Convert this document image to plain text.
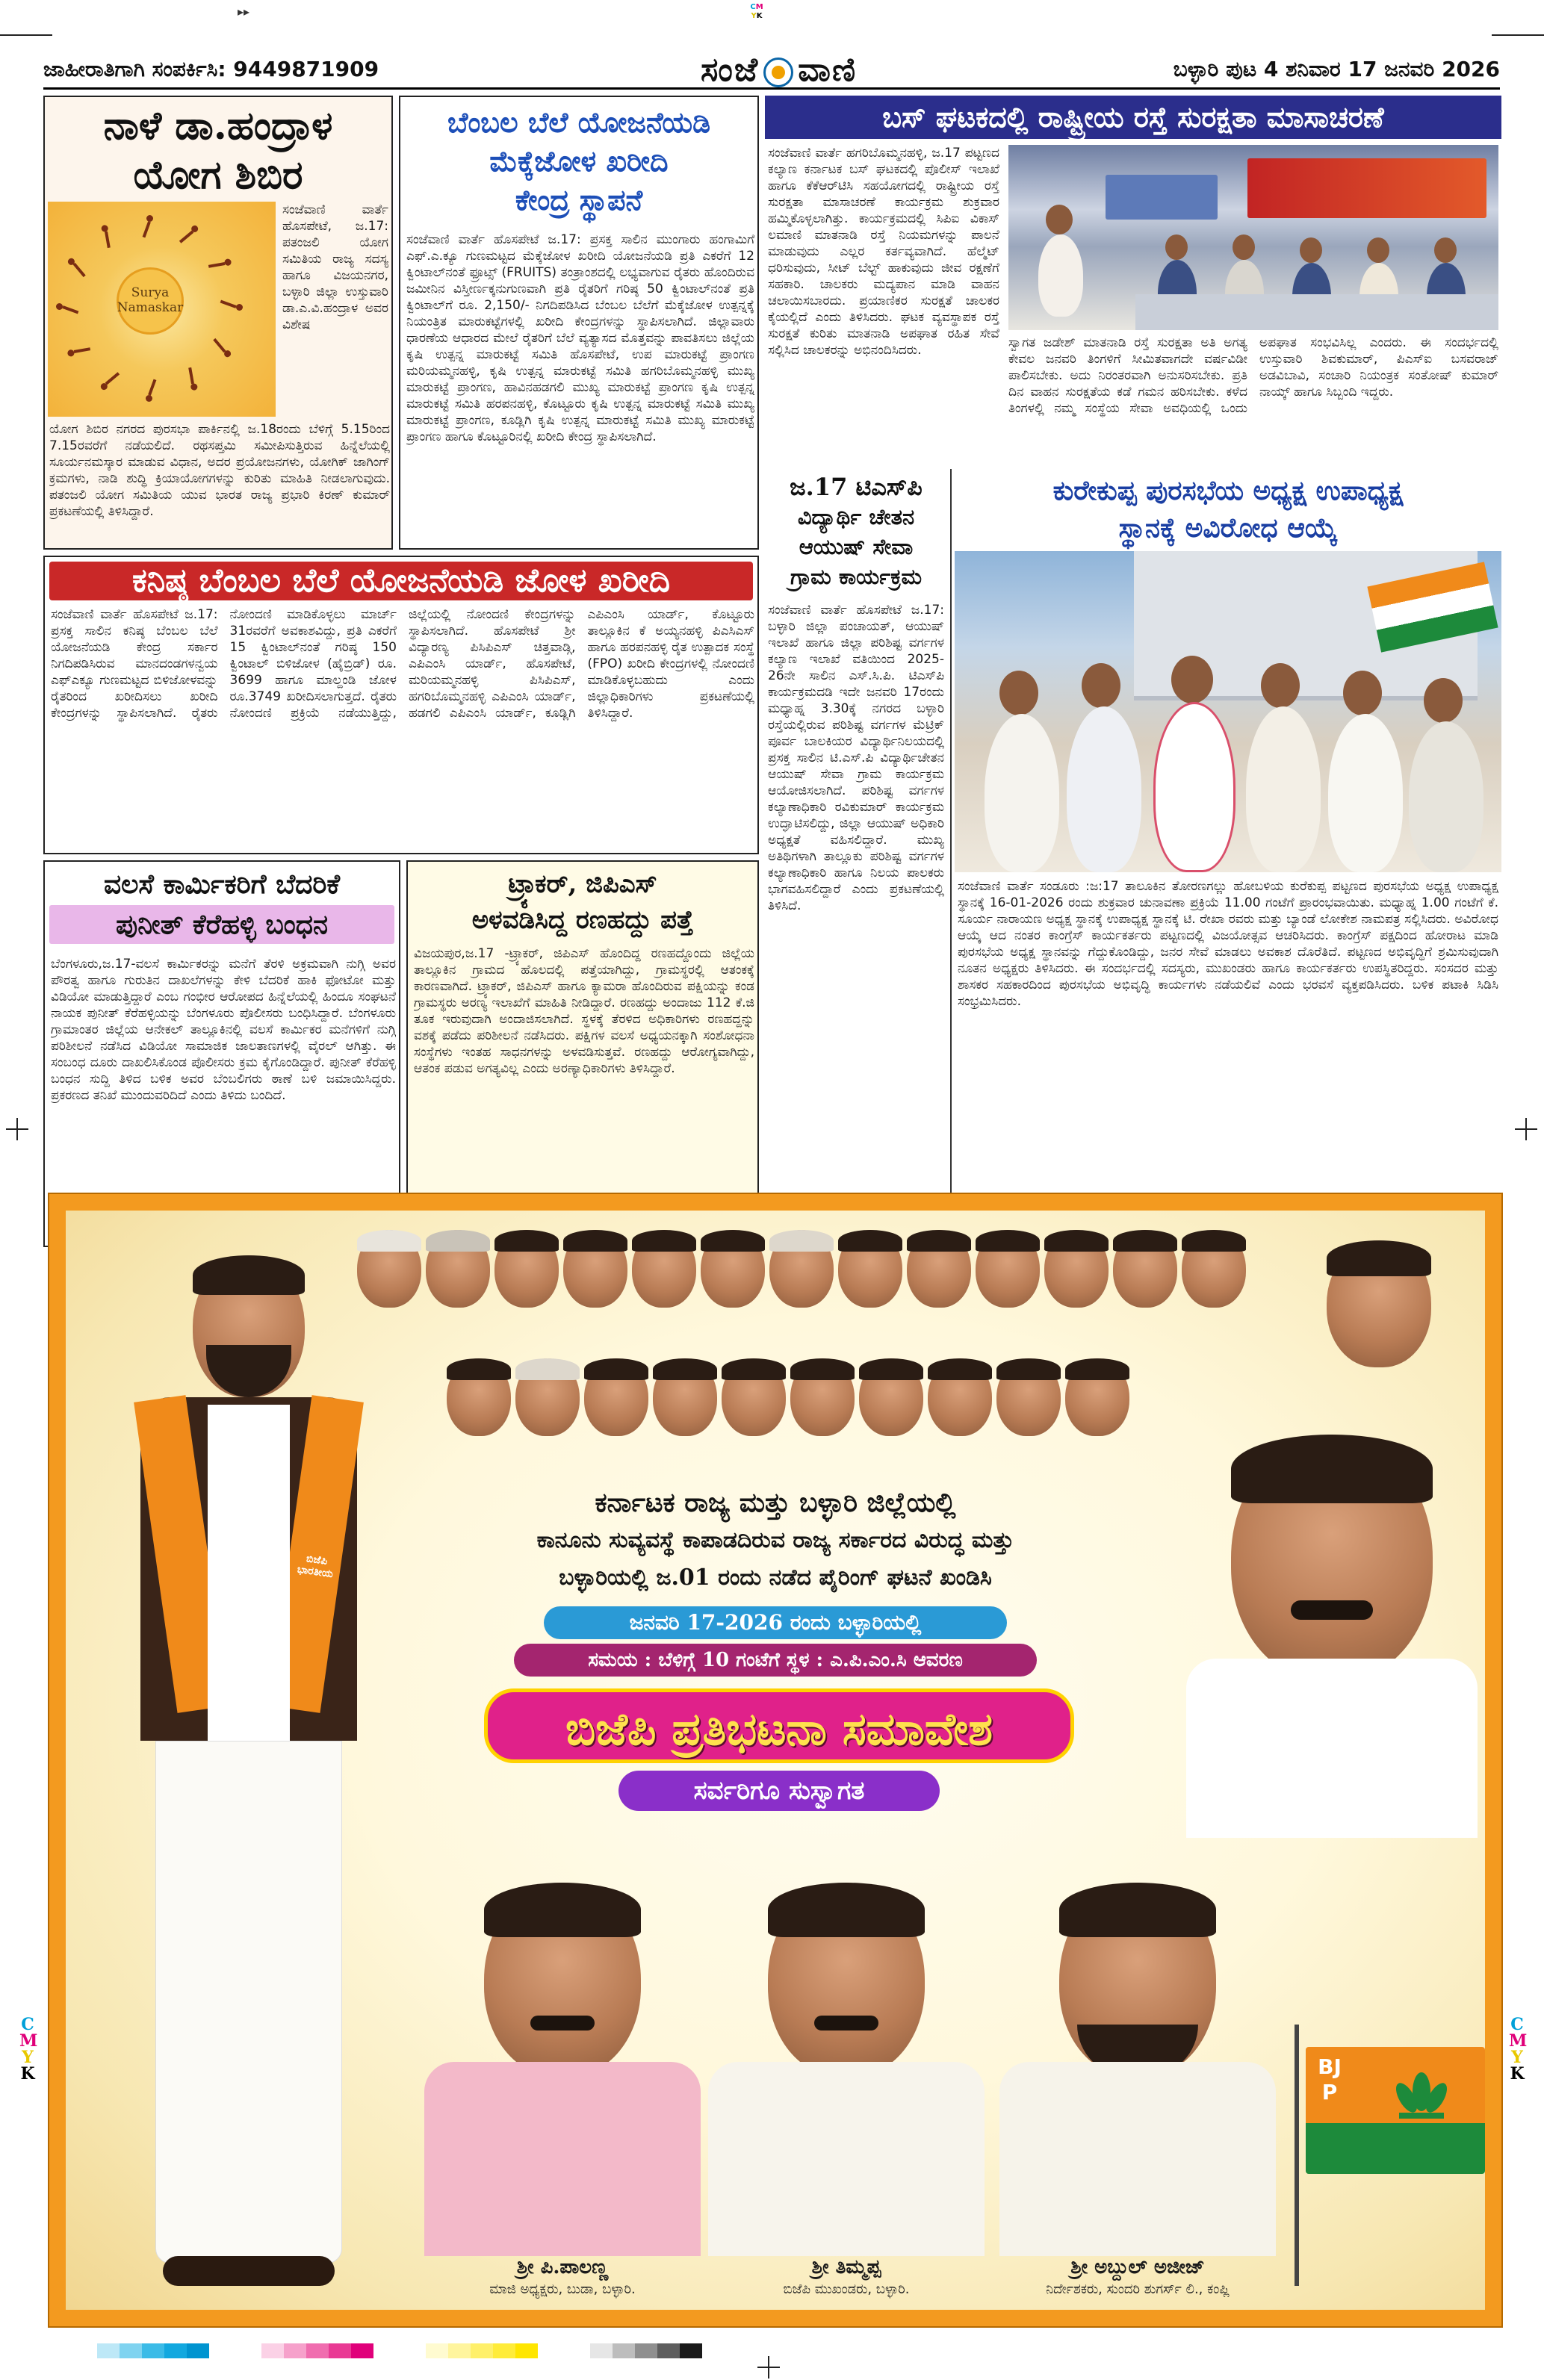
▸▸	CM
YK
C
M
Y
K
C
M
Y
K
ಜಾಹೀರಾತಿಗಾಗಿ ಸಂಪರ್ಕಿಸಿ: 9449871909	ಸಂಜೆ ವಾಣಿ	ಬಳ್ಳಾರಿ ಪುಟ 4 ಶನಿವಾರ 17 ಜನವರಿ 2026
ನಾಳೆ ಡಾ.ಹಂದ್ರಾಳ
ಯೋಗ ಶಿಬಿರ
Surya Namaskar
ಸಂಜೆವಾಣಿ ವಾರ್ತೆ ಹೊಸಪೇಟೆ, ಜ.17: ಪತಂಜಲಿ ಯೋಗ ಸಮಿತಿಯ ರಾಜ್ಯ ಸದಸ್ಯ ಹಾಗೂ ವಿಜಯನಗರ, ಬಳ್ಳಾರಿ ಜಿಲ್ಲಾ ಉಸ್ತುವಾರಿ ಡಾ.ಎ.ವಿ.ಹಂದ್ರಾಳ ಅವರ ವಿಶೇಷ
ಯೋಗ ಶಿಬಿರ ನಗರದ ಪುರಸಭಾ ಪಾರ್ಕಿನಲ್ಲಿ ಜ.18ರಂದು ಬೆಳಿಗ್ಗೆ 5.15ರಿಂದ 7.15ರವರೆಗೆ ನಡೆಯಲಿದೆ. ರಥಸಪ್ತಮಿ ಸಮೀಪಿಸುತ್ತಿರುವ ಹಿನ್ನೆಲೆಯಲ್ಲಿ ಸೂರ್ಯನಮಸ್ಕಾರ ಮಾಡುವ ವಿಧಾನ, ಅದರ ಪ್ರಯೋಜನಗಳು, ಯೋಗಿಕ್ ಜಾಗಿಂಗ್ ಕ್ರಮಗಳು, ನಾಡಿ ಶುದ್ಧಿ ಕ್ರಿಯಾಯೋಗಗಳನ್ನು ಕುರಿತು ಮಾಹಿತಿ ನೀಡಲಾಗುವುದು. ಪತಂಜಲಿ ಯೋಗ ಸಮಿತಿಯ ಯುವ ಭಾರತ ರಾಜ್ಯ ಪ್ರಭಾರಿ ಕಿರಣ್ ಕುಮಾರ್ ಪ್ರಕಟಣೆಯಲ್ಲಿ ತಿಳಿಸಿದ್ದಾರೆ.
ಬೆಂಬಲ ಬೆಲೆ ಯೋಜನೆಯಡಿ
ಮೆಕ್ಕೆಜೋಳ ಖರೀದಿ
ಕೇಂದ್ರ ಸ್ಥಾಪನೆ
ಸಂಜೆವಾಣಿ ವಾರ್ತೆ ಹೊಸಪೇಟೆ ಜ.17: ಪ್ರಸಕ್ತ ಸಾಲಿನ ಮುಂಗಾರು ಹಂಗಾಮಿಗೆ ಎಫ್.ಎ.ಕ್ಯೂ ಗುಣಮಟ್ಟದ ಮೆಕ್ಕೆಜೋಳ ಖರೀದಿ ಯೋಜನೆಯಡಿ ಪ್ರತಿ ಎಕರೆಗೆ 12 ಕ್ವಿಂಟಾಲ್‌ನಂತೆ ಫ್ರೂಟ್ಸ್ (FRUITS) ತಂತ್ರಾಂಶದಲ್ಲಿ ಲಭ್ಯವಾಗುವ ರೈತರು ಹೊಂದಿರುವ ಜಮೀನಿನ ವಿಸ್ತೀರ್ಣಕ್ಕನುಗುಣವಾಗಿ ಪ್ರತಿ ರೈತರಿಗೆ ಗರಿಷ್ಠ 50 ಕ್ವಿಂಟಾಲ್‌ನಂತೆ ಪ್ರತಿ ಕ್ವಿಂಟಾಲ್‌ಗೆ ರೂ. 2,150/- ನಿಗದಿಪಡಿಸಿದ ಬೆಂಬಲ ಬೆಲೆಗೆ ಮೆಕ್ಕೆಜೋಳ ಉತ್ಪನ್ನಕ್ಕೆ ನಿಯಂತ್ರಿತ ಮಾರುಕಟ್ಟೆಗಳಲ್ಲಿ ಖರೀದಿ ಕೇಂದ್ರಗಳನ್ನು ಸ್ಥಾಪಿಸಲಾಗಿದೆ. ಜಿಲ್ಲಾವಾರು ಧಾರಣೆಯ ಆಧಾರದ ಮೇಲೆ ರೈತರಿಗೆ ಬೆಲೆ ವ್ಯತ್ಯಾಸದ ಮೊತ್ತವನ್ನು ಪಾವತಿಸಲು ಜಿಲ್ಲೆಯ ಕೃಷಿ ಉತ್ಪನ್ನ ಮಾರುಕಟ್ಟೆ ಸಮಿತಿ ಹೊಸಪೇಟೆ, ಉಪ ಮಾರುಕಟ್ಟೆ ಪ್ರಾಂಗಣ ಮರಿಯಮ್ಮನಹಳ್ಳಿ, ಕೃಷಿ ಉತ್ಪನ್ನ ಮಾರುಕಟ್ಟೆ ಸಮಿತಿ ಹಗರಿಬೊಮ್ಮನಹಳ್ಳಿ ಮುಖ್ಯ ಮಾರುಕಟ್ಟೆ ಪ್ರಾಂಗಣ, ಹಾವಿನಹಡಗಲಿ ಮುಖ್ಯ ಮಾರುಕಟ್ಟೆ ಪ್ರಾಂಗಣ ಕೃಷಿ ಉತ್ಪನ್ನ ಮಾರುಕಟ್ಟೆ ಸಮಿತಿ ಹರಪನಹಳ್ಳಿ, ಕೊಟ್ಟೂರು ಕೃಷಿ ಉತ್ಪನ್ನ ಮಾರುಕಟ್ಟೆ ಸಮಿತಿ ಮುಖ್ಯ ಮಾರುಕಟ್ಟೆ ಪ್ರಾಂಗಣ, ಕೂಡ್ಲಿಗಿ ಕೃಷಿ ಉತ್ಪನ್ನ ಮಾರುಕಟ್ಟೆ ಸಮಿತಿ ಮುಖ್ಯ ಮಾರುಕಟ್ಟೆ ಪ್ರಾಂಗಣ ಹಾಗೂ ಕೊಟ್ಟೂರಿನಲ್ಲಿ ಖರೀದಿ ಕೇಂದ್ರ ಸ್ಥಾಪಿಸಲಾಗಿದೆ.
ಬಸ್ ಘಟಕದಲ್ಲಿ ರಾಷ್ಟ್ರೀಯ ರಸ್ತೆ ಸುರಕ್ಷತಾ ಮಾಸಾಚರಣೆ
ಸಂಜೆವಾಣಿ ವಾರ್ತೆ ಹಗರಿಬೊಮ್ಮನಹಳ್ಳಿ, ಜ.17 ಪಟ್ಟಣದ ಕಲ್ಯಾಣ ಕರ್ನಾಟಕ ಬಸ್ ಘಟಕದಲ್ಲಿ ಪೊಲೀಸ್ ಇಲಾಖೆ ಹಾಗೂ ಕೆಕೆಆರ್‌ಟಿಸಿ ಸಹಯೋಗದಲ್ಲಿ ರಾಷ್ಟ್ರೀಯ ರಸ್ತೆ ಸುರಕ್ಷತಾ ಮಾಸಾಚರಣೆ ಕಾರ್ಯಕ್ರಮ ಶುಕ್ರವಾರ ಹಮ್ಮಿಕೊಳ್ಳಲಾಗಿತ್ತು. ಕಾರ್ಯಕ್ರಮದಲ್ಲಿ ಸಿಪಿಐ ವಿಕಾಸ್ ಲಮಾಣಿ ಮಾತನಾಡಿ ರಸ್ತೆ ನಿಯಮಗಳನ್ನು ಪಾಲನೆ ಮಾಡುವುದು ಎಲ್ಲರ ಕರ್ತವ್ಯವಾಗಿದೆ. ಹೆಲ್ಮೆಟ್ ಧರಿಸುವುದು, ಸೀಟ್ ಬೆಲ್ಟ್ ಹಾಕುವುದು ಜೀವ ರಕ್ಷಣೆಗೆ ಸಹಕಾರಿ. ಚಾಲಕರು ಮದ್ಯಪಾನ ಮಾಡಿ ವಾಹನ ಚಲಾಯಿಸಬಾರದು. ಪ್ರಯಾಣಿಕರ ಸುರಕ್ಷತೆ ಚಾಲಕರ ಕೈಯಲ್ಲಿದೆ ಎಂದು ತಿಳಿಸಿದರು. ಘಟಕ ವ್ಯವಸ್ಥಾಪಕ ರಸ್ತೆ ಸುರಕ್ಷತೆ ಕುರಿತು ಮಾತನಾಡಿ ಅಪಘಾತ ರಹಿತ ಸೇವೆ ಸಲ್ಲಿಸಿದ ಚಾಲಕರನ್ನು ಅಭಿನಂದಿಸಿದರು.	ಸ್ವಾಗತ ಜಡೇಶ್ ಮಾತನಾಡಿ ರಸ್ತೆ ಸುರಕ್ಷತಾ ಅತಿ ಅಗತ್ಯ ಕೇವಲ ಜನವರಿ ತಿಂಗಳಿಗೆ ಸೀಮಿತವಾಗದೇ ವರ್ಷವಿಡೀ ಪಾಲಿಸಬೇಕು. ಅದು ನಿರಂತರವಾಗಿ ಅನುಸರಿಸಬೇಕು. ಪ್ರತಿ ದಿನ ವಾಹನ ಸುರಕ್ಷತೆಯ ಕಡೆ ಗಮನ ಹರಿಸಬೇಕು. ಕಳೆದ ತಿಂಗಳಲ್ಲಿ ನಮ್ಮ ಸಂಸ್ಥೆಯ ಸೇವಾ ಅವಧಿಯಲ್ಲಿ ಒಂದು ಅಪಘಾತ ಸಂಭವಿಸಿಲ್ಲ ಎಂದರು. ಈ ಸಂದರ್ಭದಲ್ಲಿ ಉಸ್ತುವಾರಿ ಶಿವಕುಮಾರ್, ಪಿಎಸ್‌ಐ ಬಸವರಾಜ್ ಅಡವಿಬಾವಿ, ಸಂಚಾರಿ ನಿಯಂತ್ರಕ ಸಂತೋಷ್ ಕುಮಾರ್ ನಾಯ್ಕ್ ಹಾಗೂ ಸಿಬ್ಬಂದಿ ಇದ್ದರು.
ಜ.17 ಟಿಎಸ್‌ಪಿ
ವಿದ್ಯಾರ್ಥಿ ಚೇತನ
ಆಯುಷ್ ಸೇವಾ
ಗ್ರಾಮ ಕಾರ್ಯಕ್ರಮ
ಸಂಜೆವಾಣಿ ವಾರ್ತೆ ಹೊಸಪೇಟೆ ಜ.17: ಬಳ್ಳಾರಿ ಜಿಲ್ಲಾ ಪಂಚಾಯತ್, ಆಯುಷ್ ಇಲಾಖೆ ಹಾಗೂ ಜಿಲ್ಲಾ ಪರಿಶಿಷ್ಟ ವರ್ಗಗಳ ಕಲ್ಯಾಣ ಇಲಾಖೆ ವತಿಯಿಂದ 2025-26ನೇ ಸಾಲಿನ ಎಸ್.ಸಿ.ಪಿ. ಟಿಎಸ್‌ಪಿ ಕಾರ್ಯಕ್ರಮದಡಿ ಇದೇ ಜನವರಿ 17ರಂದು ಮಧ್ಯಾಹ್ನ 3.30ಕ್ಕೆ ನಗರದ ಬಳ್ಳಾರಿ ರಸ್ತೆಯಲ್ಲಿರುವ ಪರಿಶಿಷ್ಟ ವರ್ಗಗಳ ಮೆಟ್ರಿಕ್ ಪೂರ್ವ ಬಾಲಕಿಯರ ವಿದ್ಯಾರ್ಥಿನಿಲಯದಲ್ಲಿ ಪ್ರಸಕ್ತ ಸಾಲಿನ ಟಿ.ಎಸ್.ಪಿ ವಿದ್ಯಾರ್ಥಿಚೇತನ ಆಯುಷ್ ಸೇವಾ ಗ್ರಾಮ ಕಾರ್ಯಕ್ರಮ ಆಯೋಜಿಸಲಾಗಿದೆ. ಪರಿಶಿಷ್ಟ ವರ್ಗಗಳ ಕಲ್ಯಾಣಾಧಿಕಾರಿ ರವಿಕುಮಾರ್ ಕಾರ್ಯಕ್ರಮ ಉದ್ಘಾಟಿಸಲಿದ್ದು, ಜಿಲ್ಲಾ ಆಯುಷ್ ಅಧಿಕಾರಿ ಅಧ್ಯಕ್ಷತೆ ವಹಿಸಲಿದ್ದಾರೆ. ಮುಖ್ಯ ಅತಿಥಿಗಳಾಗಿ ತಾಲ್ಲೂಕು ಪರಿಶಿಷ್ಟ ವರ್ಗಗಳ ಕಲ್ಯಾಣಾಧಿಕಾರಿ ಹಾಗೂ ನಿಲಯ ಪಾಲಕರು ಭಾಗವಹಿಸಲಿದ್ದಾರೆ ಎಂದು ಪ್ರಕಟಣೆಯಲ್ಲಿ ತಿಳಿಸಿದೆ.
ಕುರೇಕುಪ್ಪ ಪುರಸಭೆಯ ಅಧ್ಯಕ್ಷ ಉಪಾಧ್ಯಕ್ಷ
ಸ್ಥಾನಕ್ಕೆ ಅವಿರೋಧ ಆಯ್ಕೆ
ಸಂಜೆವಾಣಿ ವಾರ್ತೆ ಸಂಡೂರು :ಜ:17 ತಾಲೂಕಿನ ತೋರಣಗಲ್ಲು ಹೋಬಳಿಯ ಕುರೆಕುಪ್ಪ ಪಟ್ಟಣದ ಪುರಸಭೆಯ ಅಧ್ಯಕ್ಷ ಉಪಾಧ್ಯಕ್ಷ ಸ್ಥಾನಕ್ಕೆ 16-01-2026 ರಂದು ಶುಕ್ರವಾರ ಚುನಾವಣಾ ಪ್ರಕ್ರಿಯೆ 11.00 ಗಂಟೆಗೆ ಪ್ರಾರಂಭವಾಯಿತು. ಮಧ್ಯಾಹ್ನ 1.00 ಗಂಟೆಗೆ ಕೆ. ಸೂರ್ಯ ನಾರಾಯಣ ಅಧ್ಯಕ್ಷ ಸ್ಥಾನಕ್ಕೆ ಉಪಾಧ್ಯಕ್ಷ ಸ್ಥಾನಕ್ಕೆ ಟಿ. ರೇಖಾ ರವರು ಮತ್ತು ಬ್ಯಾಂಡೆ ಲೋಕೇಶ ನಾಮಪತ್ರ ಸಲ್ಲಿಸಿದರು. ಅವಿರೋಧ ಆಯ್ಕೆ ಆದ ನಂತರ ಕಾಂಗ್ರೆಸ್ ಕಾರ್ಯಕರ್ತರು ಪಟ್ಟಣದಲ್ಲಿ ವಿಜಯೋತ್ಸವ ಆಚರಿಸಿದರು. ಕಾಂಗ್ರೆಸ್ ಪಕ್ಷದಿಂದ ಹೋರಾಟ ಮಾಡಿ ಪುರಸಭೆಯ ಅಧ್ಯಕ್ಷ ಸ್ಥಾನವನ್ನು ಗೆದ್ದುಕೊಂಡಿದ್ದು, ಜನರ ಸೇವೆ ಮಾಡಲು ಅವಕಾಶ ದೊರೆತಿದೆ. ಪಟ್ಟಣದ ಅಭಿವೃದ್ಧಿಗೆ ಶ್ರಮಿಸುವುದಾಗಿ ನೂತನ ಅಧ್ಯಕ್ಷರು ತಿಳಿಸಿದರು. ಈ ಸಂದರ್ಭದಲ್ಲಿ ಸದಸ್ಯರು, ಮುಖಂಡರು ಹಾಗೂ ಕಾರ್ಯಕರ್ತರು ಉಪಸ್ಥಿತರಿದ್ದರು. ಸಂಸದರ ಮತ್ತು ಶಾಸಕರ ಸಹಕಾರದಿಂದ ಪುರಸಭೆಯ ಅಭಿವೃದ್ಧಿ ಕಾರ್ಯಗಳು ನಡೆಯಲಿವೆ ಎಂದು ಭರವಸೆ ವ್ಯಕ್ತಪಡಿಸಿದರು. ಬಳಿಕ ಪಟಾಕಿ ಸಿಡಿಸಿ ಸಂಭ್ರಮಿಸಿದರು.
ಕನಿಷ್ಠ ಬೆಂಬಲ ಬೆಲೆ ಯೋಜನೆಯಡಿ ಜೋಳ ಖರೀದಿ
ಸಂಜೆವಾಣಿ ವಾರ್ತೆ ಹೊಸಪೇಟೆ ಜ.17: ಪ್ರಸಕ್ತ ಸಾಲಿನ ಕನಿಷ್ಠ ಬೆಂಬಲ ಬೆಲೆ ಯೋಜನೆಯಡಿ ಕೇಂದ್ರ ಸರ್ಕಾರ ನಿಗದಿಪಡಿಸಿರುವ ಮಾನದಂಡಗಳನ್ವಯ ಎಫ್‌ಎಕ್ಯೂ ಗುಣಮಟ್ಟದ ಬಿಳಿಜೋಳವನ್ನು ರೈತರಿಂದ ಖರೀದಿಸಲು ಖರೀದಿ ಕೇಂದ್ರಗಳನ್ನು ಸ್ಥಾಪಿಸಲಾಗಿದೆ. ರೈತರು ನೋಂದಣಿ ಮಾಡಿಕೊಳ್ಳಲು ಮಾರ್ಚ್ 31ರವರೆಗೆ ಅವಕಾಶವಿದ್ದು, ಪ್ರತಿ ಎಕರೆಗೆ 15 ಕ್ವಿಂಟಾಲ್‌ನಂತೆ ಗರಿಷ್ಠ 150 ಕ್ವಿಂಟಾಲ್ ಬಿಳಿಜೋಳ (ಹೈಬ್ರಿಡ್) ರೂ. 3699 ಹಾಗೂ ಮಾಲ್ದಂಡಿ ಜೋಳ ರೂ.3749 ಖರೀದಿಸಲಾಗುತ್ತದೆ. ರೈತರು ನೋಂದಣಿ ಪ್ರಕ್ರಿಯೆ ನಡೆಯುತ್ತಿದ್ದು, ಜಿಲ್ಲೆಯಲ್ಲಿ ನೋಂದಣಿ ಕೇಂದ್ರಗಳನ್ನು ಸ್ಥಾಪಿಸಲಾಗಿದೆ. ಹೊಸಪೇಟೆ ಶ್ರೀ ವಿದ್ಯಾರಣ್ಯ ಪಿಸಿಪಿಎಸ್ ಚಿತ್ತವಾಡ್ಗಿ, ಎಪಿಎಂಸಿ ಯಾರ್ಡ್, ಹೊಸಪೇಟೆ, ಮರಿಯಮ್ಮನಹಳ್ಳಿ ಪಿಸಿಪಿಎಸ್, ಹಗರಿಬೊಮ್ಮನಹಳ್ಳಿ ಎಪಿಎಂಸಿ ಯಾರ್ಡ್, ಹಡಗಲಿ ಎಪಿಎಂಸಿ ಯಾರ್ಡ್, ಕೂಡ್ಲಿಗಿ ಎಪಿಎಂಸಿ ಯಾರ್ಡ್, ಕೊಟ್ಟೂರು ತಾಲ್ಲೂಕಿನ ಕೆ ಅಯ್ಯನಹಳ್ಳಿ ಪಿಎಸಿಎಸ್ ಹಾಗೂ ಹರಪನಹಳ್ಳಿ ರೈತ ಉತ್ಪಾದಕ ಸಂಸ್ಥೆ (FPO) ಖರೀದಿ ಕೇಂದ್ರಗಳಲ್ಲಿ ನೋಂದಣಿ ಮಾಡಿಕೊಳ್ಳಬಹುದು ಎಂದು ಜಿಲ್ಲಾಧಿಕಾರಿಗಳು ಪ್ರಕಟಣೆಯಲ್ಲಿ ತಿಳಿಸಿದ್ದಾರೆ.
ವಲಸೆ ಕಾರ್ಮಿಕರಿಗೆ ಬೆದರಿಕೆ
ಪುನೀತ್ ಕೆರೆಹಳ್ಳಿ ಬಂಧನ
ಬೆಂಗಳೂರು,ಜ.17-ವಲಸೆ ಕಾರ್ಮಿಕರನ್ನು ಮನೆಗೆ ತೆರಳಿ ಅಕ್ರಮವಾಗಿ ನುಗ್ಗಿ ಅವರ ಪೌರತ್ವ ಹಾಗೂ ಗುರುತಿನ ದಾಖಲೆಗಳನ್ನು ಕೇಳಿ ಬೆದರಿಕೆ ಹಾಕಿ ಫೋಟೋ ಮತ್ತು ವಿಡಿಯೋ ಮಾಡುತ್ತಿದ್ದಾರೆ ಎಂಬ ಗಂಭೀರ ಆರೋಪದ ಹಿನ್ನೆಲೆಯಲ್ಲಿ ಹಿಂದೂ ಸಂಘಟನೆ ನಾಯಕ ಪುನೀತ್ ಕೆರೆಹಳ್ಳಿಯನ್ನು ಬೆಂಗಳೂರು ಪೊಲೀಸರು ಬಂಧಿಸಿದ್ದಾರೆ. ಬೆಂಗಳೂರು ಗ್ರಾಮಾಂತರ ಜಿಲ್ಲೆಯ ಆನೇಕಲ್ ತಾಲ್ಲೂಕಿನಲ್ಲಿ ವಲಸೆ ಕಾರ್ಮಿಕರ ಮನೆಗಳಿಗೆ ನುಗ್ಗಿ ಪರಿಶೀಲನೆ ನಡೆಸಿದ ವಿಡಿಯೋ ಸಾಮಾಜಿಕ ಜಾಲತಾಣಗಳಲ್ಲಿ ವೈರಲ್ ಆಗಿತ್ತು. ಈ ಸಂಬಂಧ ದೂರು ದಾಖಲಿಸಿಕೊಂಡ ಪೊಲೀಸರು ಕ್ರಮ ಕೈಗೊಂಡಿದ್ದಾರೆ. ಪುನೀತ್ ಕೆರೆಹಳ್ಳಿ ಬಂಧನ ಸುದ್ದಿ ತಿಳಿದ ಬಳಿಕ ಅವರ ಬೆಂಬಲಿಗರು ಠಾಣೆ ಬಳಿ ಜಮಾಯಿಸಿದ್ದರು. ಪ್ರಕರಣದ ತನಿಖೆ ಮುಂದುವರಿದಿದೆ ಎಂದು ತಿಳಿದು ಬಂದಿದೆ.
ಟ್ರ್ಯಾಕರ್, ಜಿಪಿಎಸ್
ಅಳವಡಿಸಿದ್ದ ರಣಹದ್ದು ಪತ್ತೆ
ವಿಜಯಪುರ,ಜ.17 -ಟ್ರ್ಯಾಕರ್, ಜಿಪಿಎಸ್ ಹೊಂದಿದ್ದ ರಣಹದ್ದೊಂದು ಜಿಲ್ಲೆಯ ತಾಲ್ಲೂಕಿನ ಗ್ರಾಮದ ಹೊಲದಲ್ಲಿ ಪತ್ತೆಯಾಗಿದ್ದು, ಗ್ರಾಮಸ್ಥರಲ್ಲಿ ಆತಂಕಕ್ಕೆ ಕಾರಣವಾಗಿದೆ. ಟ್ರ್ಯಾಕರ್, ಜಿಪಿಎಸ್ ಹಾಗೂ ಕ್ಯಾಮರಾ ಹೊಂದಿರುವ ಪಕ್ಷಿಯನ್ನು ಕಂಡ ಗ್ರಾಮಸ್ಥರು ಅರಣ್ಯ ಇಲಾಖೆಗೆ ಮಾಹಿತಿ ನೀಡಿದ್ದಾರೆ. ರಣಹದ್ದು ಅಂದಾಜು 112 ಕೆ.ಜಿ ತೂಕ ಇರುವುದಾಗಿ ಅಂದಾಜಿಸಲಾಗಿದೆ. ಸ್ಥಳಕ್ಕೆ ತೆರಳಿದ ಅಧಿಕಾರಿಗಳು ರಣಹದ್ದನ್ನು ವಶಕ್ಕೆ ಪಡೆದು ಪರಿಶೀಲನೆ ನಡೆಸಿದರು. ಪಕ್ಷಿಗಳ ವಲಸೆ ಅಧ್ಯಯನಕ್ಕಾಗಿ ಸಂಶೋಧನಾ ಸಂಸ್ಥೆಗಳು ಇಂತಹ ಸಾಧನಗಳನ್ನು ಅಳವಡಿಸುತ್ತವೆ. ರಣಹದ್ದು ಆರೋಗ್ಯವಾಗಿದ್ದು, ಆತಂಕ ಪಡುವ ಅಗತ್ಯವಿಲ್ಲ ಎಂದು ಅರಣ್ಯಾಧಿಕಾರಿಗಳು ತಿಳಿಸಿದ್ದಾರೆ.
ಬಿಜೆಪಿ ಭಾರತೀಯ
ಕರ್ನಾಟಕ ರಾಜ್ಯ ಮತ್ತು ಬಳ್ಳಾರಿ ಜಿಲ್ಲೆಯಲ್ಲಿ
ಕಾನೂನು ಸುವ್ಯವಸ್ಥೆ ಕಾಪಾಡದಿರುವ ರಾಜ್ಯ ಸರ್ಕಾರದ ವಿರುದ್ಧ ಮತ್ತು
ಬಳ್ಳಾರಿಯಲ್ಲಿ ಜ.01 ರಂದು ನಡೆದ ಪೈರಿಂಗ್ ಘಟನೆ ಖಂಡಿಸಿ
ಜನವರಿ 17-2026 ರಂದು ಬಳ್ಳಾರಿಯಲ್ಲಿ
ಸಮಯ : ಬೆಳಿಗ್ಗೆ 10 ಗಂಟೆಗೆ ಸ್ಥಳ : ಎ.ಪಿ.ಎಂ.ಸಿ ಆವರಣ
ಬಿಜೆಪಿ ಪ್ರತಿಭಟನಾ ಸಮಾವೇಶ
ಸರ್ವರಿಗೂ ಸುಸ್ವಾಗತ
BJP
ಶ್ರೀ ಪಿ.ಪಾಲಣ್ಣ
ಮಾಜಿ ಅಧ್ಯಕ್ಷರು, ಬುಡಾ, ಬಳ್ಳಾರಿ.
ಶ್ರೀ ತಿಮ್ಮಪ್ಪ
ಬಿಜೆಪಿ ಮುಖಂಡರು, ಬಳ್ಳಾರಿ.
ಶ್ರೀ ಅಬ್ದುಲ್ ಅಜೀಜ್
ನಿರ್ದೇಶಕರು, ಸುಂದರಿ ಶುಗರ್ಸ್ ಲಿ., ಕಂಪ್ಲಿ
